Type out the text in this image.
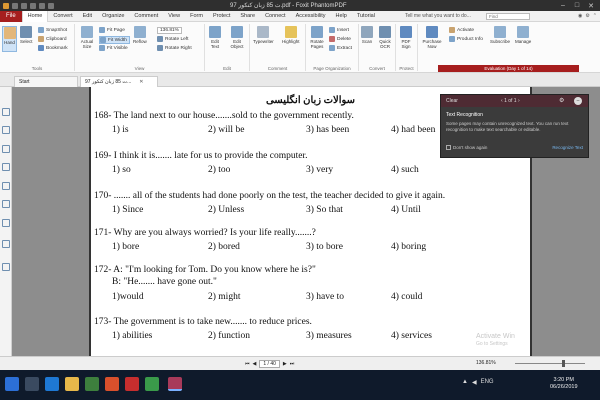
97 ت 85 زبان کنکور.pdf - Foxit PhantomPDF	–	□	✕
File	Home	Convert	Edit	Organize	Comment	View	Form	Protect	Share	Connect	Accessibility	Help	Tutorial	Tell me what you want to do...
Find	◉ ⚙ ⌃
Hand Select
SnapShot
Clipboard
Bookmark
Tools
Actual Size
Fit Page
Fit Width
Fit Visible
Reflow
136.81%
Rotate Left
Rotate Right
View
Edit Text
Edit Object
Edit
Typewriter Highlight
Comment
Rotate Pages
Insert
Delete
Extract
Page Organization
Scan Quick OCR
Convert
PDF Sign
Protect
Purchase Now
Activate
Product Info Subscribe Manage
Evaluation (Day 1 of 14)
Start	97 ت 85 زبان کنکور... ✕
سوالات زبان انگلیسی
168- The land next to our house.......sold to the government recently.
1) is	2) will be	3) has been	4) had been
169- I think it is....... late for us to provide the computer.
1) so	2) too	3) very	4) such
170- ....... all of the students had done poorly on the test, the teacher decided to give it again.
1) Since	2) Unless	3) So that	4) Until
171- Why are you always worried? Is your life really.......?
1) bore	2) bored	3) to bore	4) boring
172- A: "I'm looking for Tom. Do you know where he is?"
B: "He....... have gone out."
1)would	2) might	3) have to	4) could
173- The government is to take new....... to reduce prices.
1) abilities	2) function	3) measures	4) services
Clear	‹ 1 of 1 ›	⚙	–
Text Recognition
Some pages may contain unrecognized text. You can run text recognition to make text searchable or editable.
Don't show again	Recognize Text
Activate Win
Go to Settings
⏮ ◀	1 / 40	▶ ⏭	136.81%
▲ ◀ ENG	3:20 PM
06/26/2019
